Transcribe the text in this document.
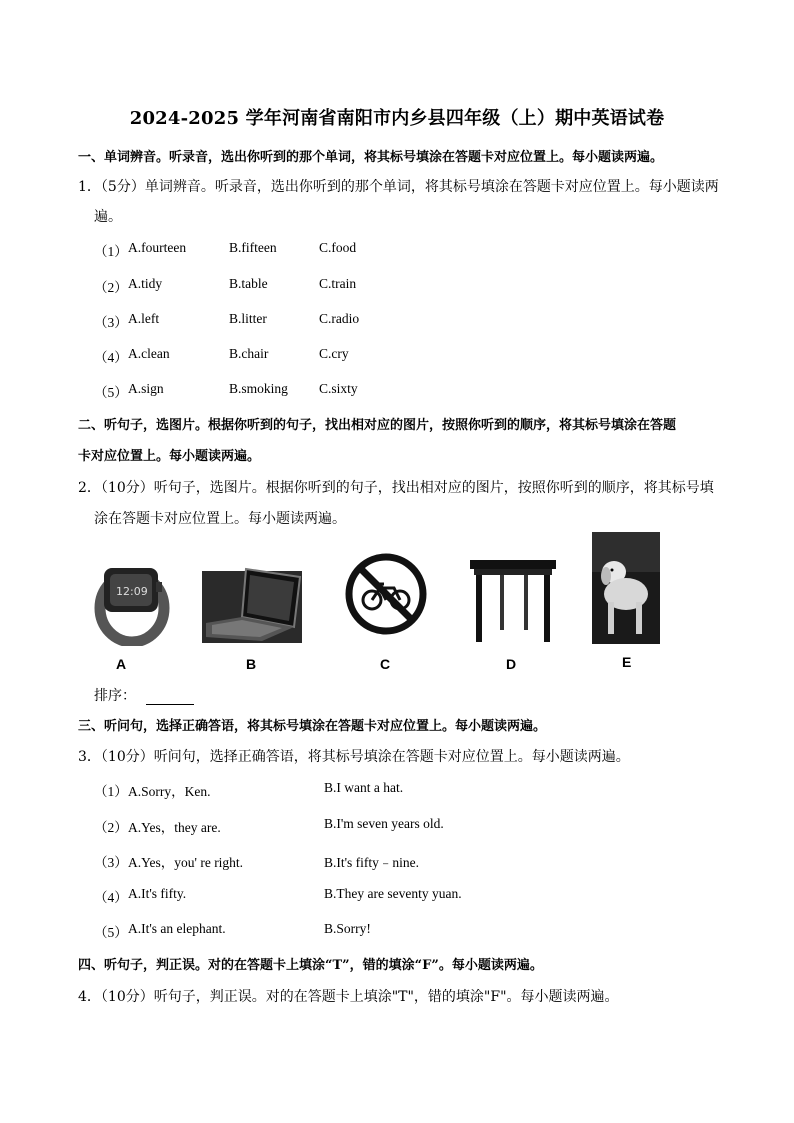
2024-2025 学年河南省南阳市内乡县四年级（上）期中英语试卷
一、单词辨音。听录音，选出你听到的那个单词，将其标号填涂在答题卡对应位置上。每小题读两遍。
1．（5分）单词辨音。听录音，选出你听到的那个单词，将其标号填涂在答题卡对应位置上。每小题读两
遍。
（1） A.fourteen	B.fifteen	C.food
（2） A.tidy	B.table	C.train
（3） A.left	B.litter	C.radio
（4） A.clean	B.chair	C.cry
（5） A.sign	B.smoking C.sixty
二、听句子，选图片。根据你听到的句子，找出相对应的图片，按照你听到的顺序，将其标号填涂在答题
卡对应位置上。每小题读两遍。
2．（10分）听句子，选图片。根据你听到的句子，找出相对应的图片，按照你听到的顺序，将其标号填
涂在答题卡对应位置上。每小题读两遍。
12:09
A	B	C	D	E
排序：
三、听问句，选择正确答语，将其标号填涂在答题卡对应位置上。每小题读两遍。
3．（10分）听问句，选择正确答语，将其标号填涂在答题卡对应位置上。每小题读两遍。
（1） A.Sorry，Ken.	B.I want a hat.
（2） A.Yes，they are.	B.I'm seven years old.
（3） A.Yes，you' re right.	B.It's fifty﹣nine.
（4） A.It's fifty.	B.They are seventy yuan.
（5） A.It's an elephant.	B.Sorry!
四、听句子，判正误。对的在答题卡上填涂“T”，错的填涂“F”。每小题读两遍。
4．（10分）听句子，判正误。对的在答题卡上填涂"T"，错的填涂"F"。每小题读两遍。
